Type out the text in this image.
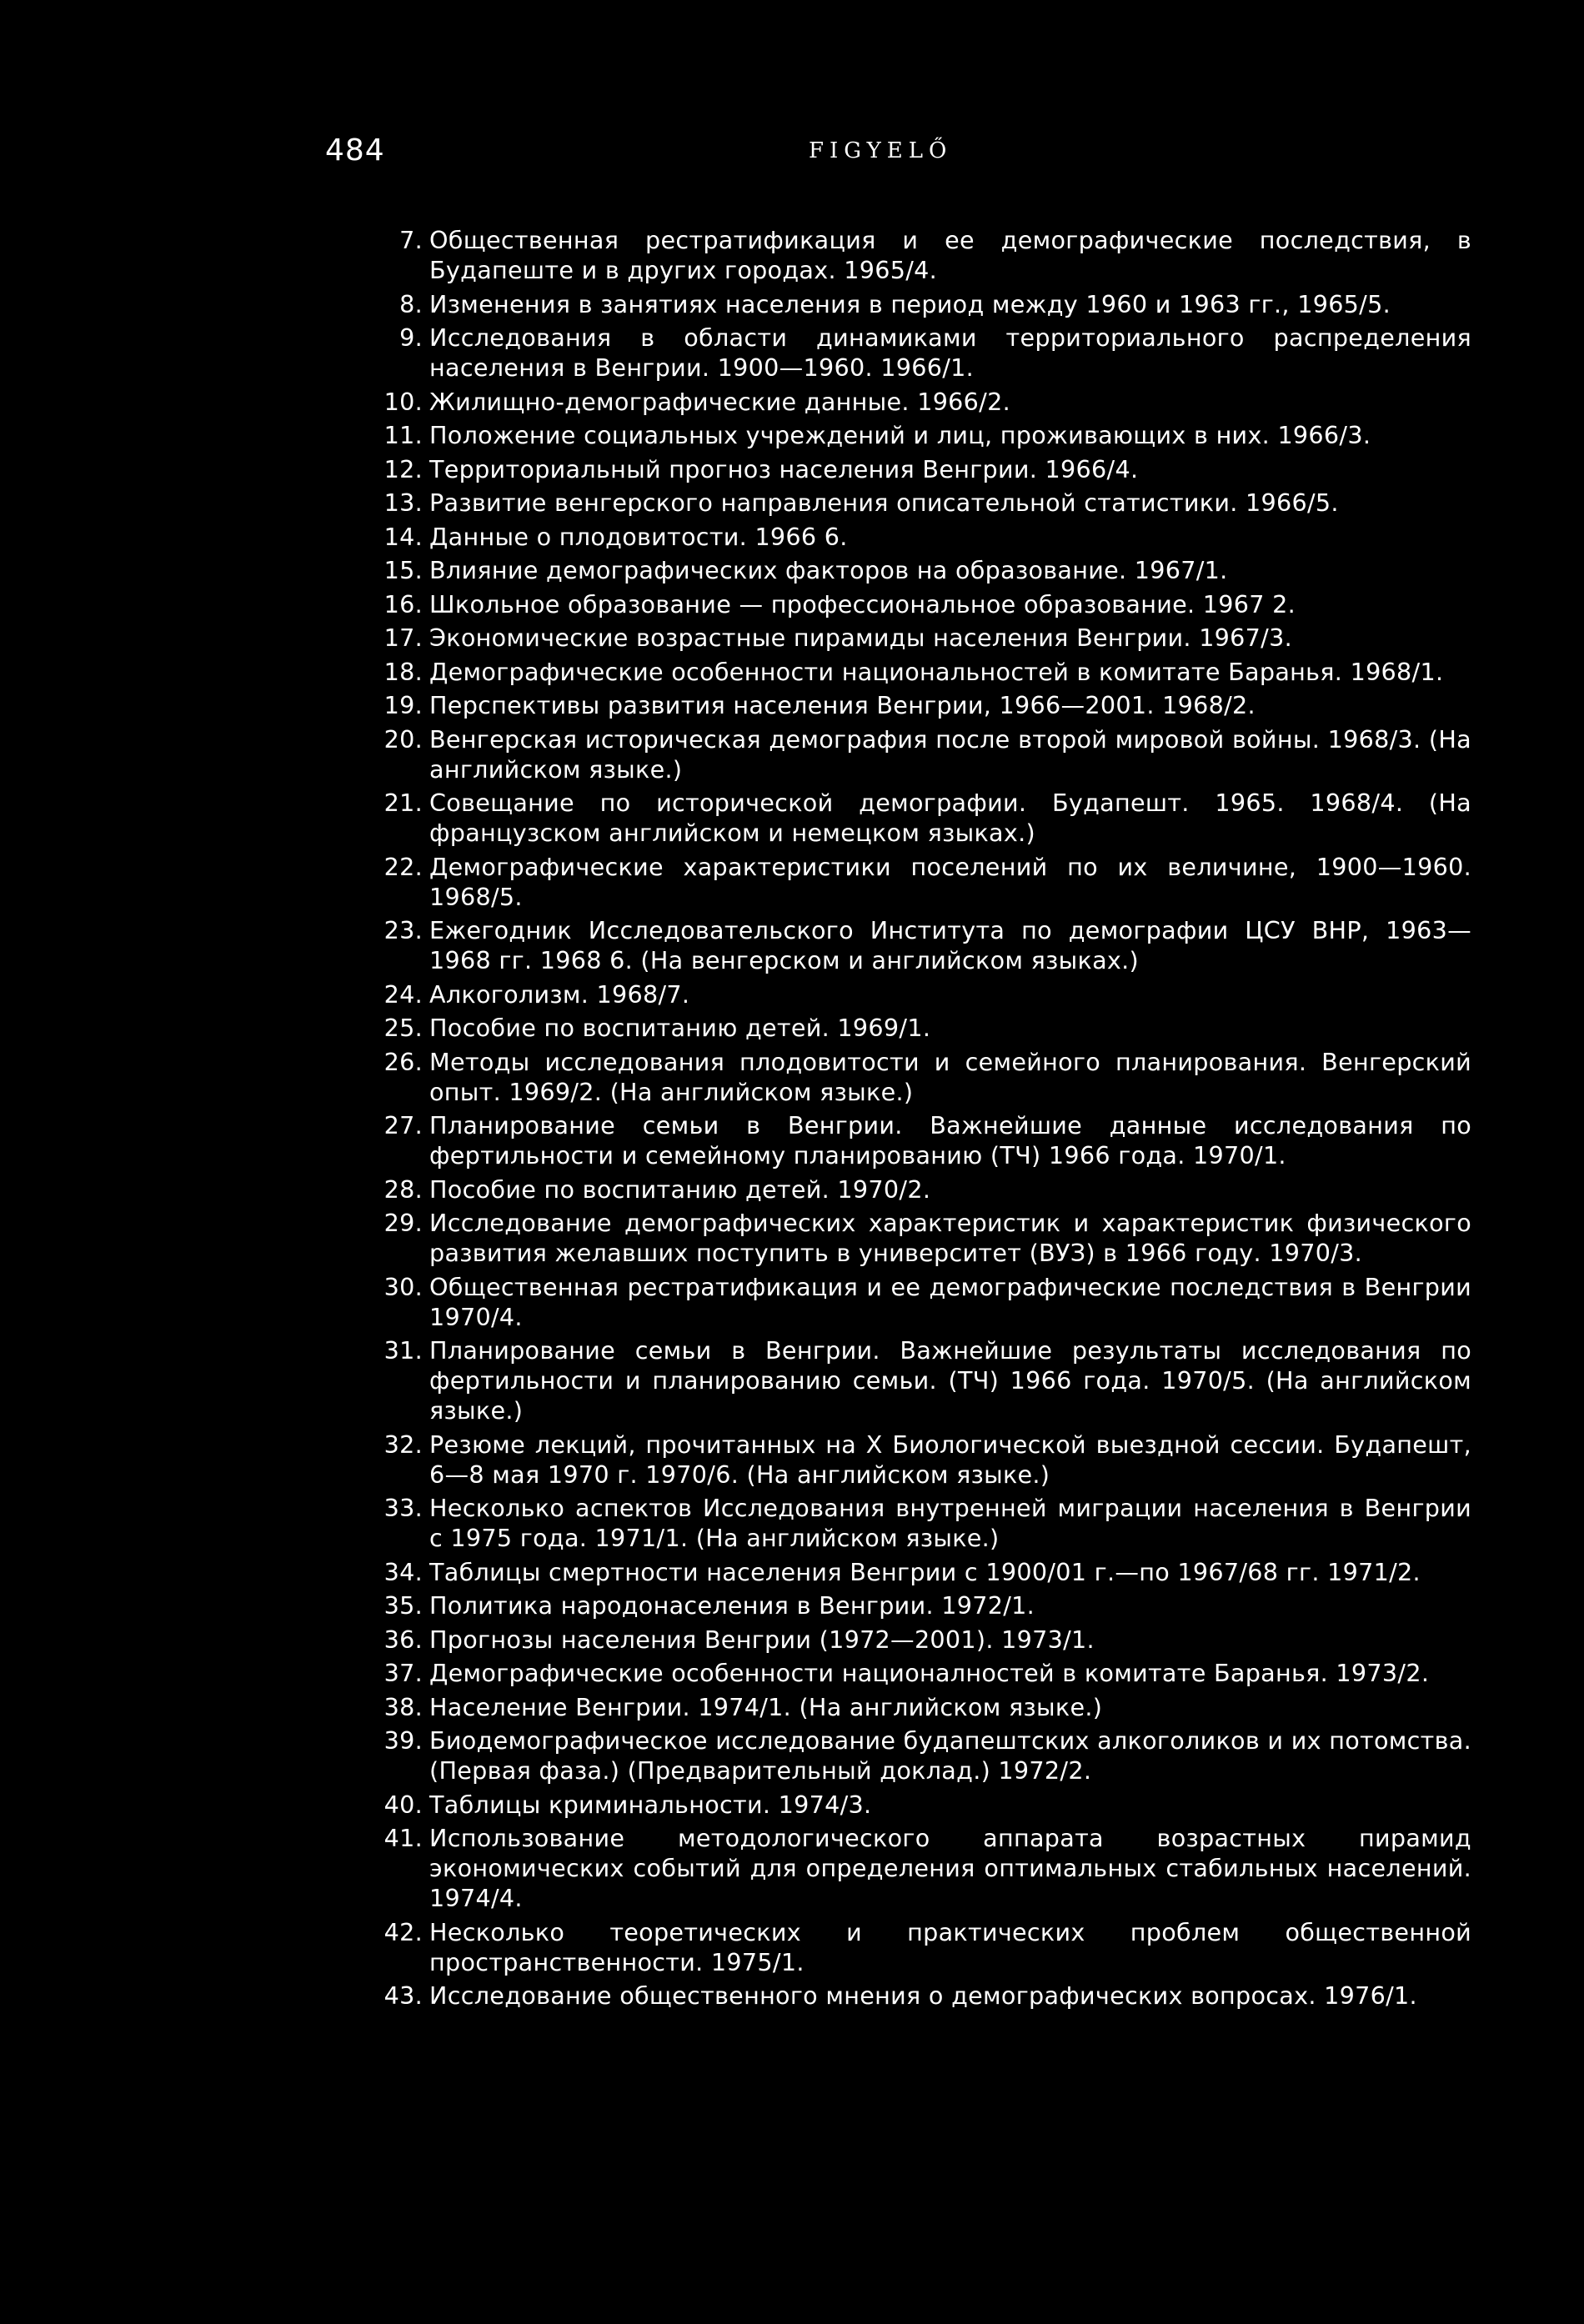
484	FIGYELŐ
7. Общественная рестратификация и ее демографические последствия, в Будапеште и в других городах. 1965/4.
8. Изменения в занятиях населения в период между 1960 и 1963 гг., 1965/5.
9. Исследования в области динамиками территориального распределения населения в Венгрии. 1900—1960. 1966/1.
10. Жилищно-демографические данные. 1966/2.
11. Положение социальных учреждений и лиц, проживающих в них. 1966/3.
12. Территориальный прогноз населения Венгрии. 1966/4.
13. Развитие венгерского направления описательной статистики. 1966/5.
14. Данные о плодовитости. 1966 6.
15. Влияние демографических факторов на образование. 1967/1.
16. Школьное образование — профессиональное образование. 1967 2.
17. Экономические возрастные пирамиды населения Венгрии. 1967/3.
18. Демографические особенности национальностей в комитате Баранья. 1968/1.
19. Перспективы развития населения Венгрии, 1966—2001. 1968/2.
20. Венгерская историческая демография после второй мировой войны. 1968/3. (На английском языке.)
21. Совещание по исторической демографии. Будапешт. 1965. 1968/4. (На французском английском и немецком языках.)
22. Демографические характеристики поселений по их величине, 1900—1960. 1968/5.
23. Ежегодник Исследовательского Института по демографии ЦСУ ВНР, 1963—1968 гг. 1968 6. (На венгерском и английском языках.)
24. Алкоголизм. 1968/7.
25. Пособие по воспитанию детей. 1969/1.
26. Методы исследования плодовитости и семейного планирования. Венгерский опыт. 1969/2. (На английском языке.)
27. Планирование семьи в Венгрии. Важнейшие данные исследования по фертильности и семейному планированию (ТЧ) 1966 года. 1970/1.
28. Пособие по воспитанию детей. 1970/2.
29. Исследование демографических характеристик и характеристик физического развития желавших поступить в университет (ВУЗ) в 1966 году. 1970/3.
30. Общественная рестратификация и ее демографические последствия в Венгрии 1970/4.
31. Планирование семьи в Венгрии. Важнейшие результаты исследования по фертильности и планированию семьи. (ТЧ) 1966 года. 1970/5. (На английском языке.)
32. Резюме лекций, прочитанных на X Биологической выездной сессии. Будапешт, 6—8 мая 1970 г. 1970/6. (На английском языке.)
33. Несколько аспектов Исследования внутренней миграции населения в Венгрии с 1975 года. 1971/1. (На английском языке.)
34. Таблицы смертности населения Венгрии с 1900/01 г.—по 1967/68 гг. 1971/2.
35. Политика народонаселения в Венгрии. 1972/1.
36. Прогнозы населения Венгрии (1972—2001). 1973/1.
37. Демографические особенности националностей в комитате Баранья. 1973/2.
38. Население Венгрии. 1974/1. (На английском языке.)
39. Биодемографическое исследование будапештских алкоголиков и их потомства. (Первая фаза.) (Предварительный доклад.) 1972/2.
40. Таблицы криминальности. 1974/3.
41. Использование методологического аппарата возрастных пирамид экономических событий для определения оптимальных стабильных населений. 1974/4.
42. Несколько теоретических и практических проблем общественной пространственности. 1975/1.
43. Исследование общественного мнения о демографических вопросах. 1976/1.
